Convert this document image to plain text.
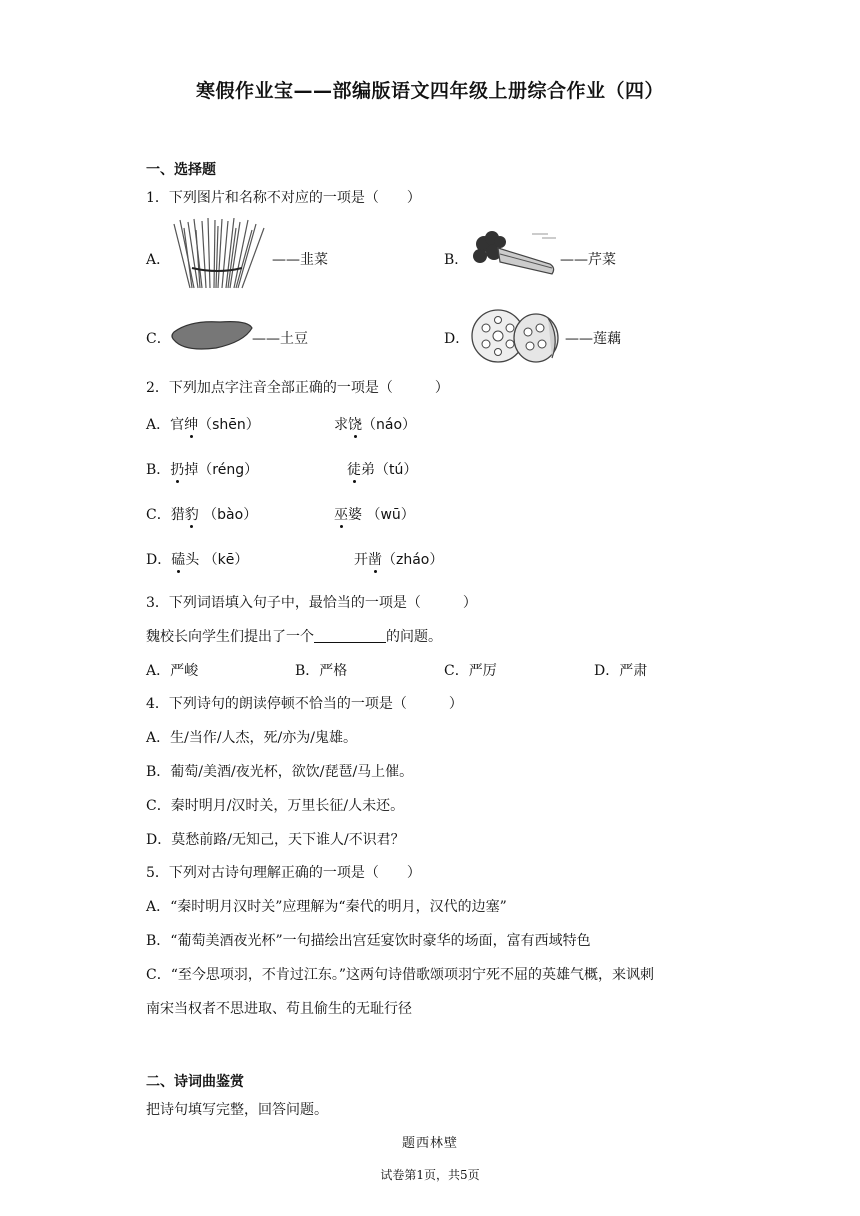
寒假作业宝——部编版语文四年级上册综合作业（四）
一、选择题
1．下列图片和名称不对应的一项是（　　）
A．	——韭菜	B．	——芹菜
C．	——土豆	D．	——莲藕
2．下列加点字注音全部正确的一项是（　　　）
A．官绅（shēn）	求饶（náo）
B．扔掉（réng）	徒弟（tú）
C．猎豹 （bào）	巫婆 （wū）
D．磕头 （kē）	开凿（zháo）
3．下列词语填入句子中，最恰当的一项是（　　　）
魏校长向学生们提出了一个	的问题。
A．严峻	B．严格	C．严厉	D．严肃
4．下列诗句的朗读停顿不恰当的一项是（　　　）
A．生/当作/人杰，死/亦为/鬼雄。
B．葡萄/美酒/夜光杯，欲饮/琵琶/马上催。
C．秦时明月/汉时关，万里长征/人未还。
D．莫愁前路/无知己，天下谁人/不识君？
5．下列对古诗句理解正确的一项是（　　）
A．“秦时明月汉时关”应理解为“秦代的明月，汉代的边塞”
B．“葡萄美酒夜光杯”一句描绘出宫廷宴饮时豪华的场面，富有西域特色
C．“至今思项羽，不肯过江东。”这两句诗借歌颂项羽宁死不屈的英雄气概，来讽刺
南宋当权者不思进取、苟且偷生的无耻行径
二、诗词曲鉴赏
把诗句填写完整，回答问题。
题西林壁
试卷第1页，共5页
